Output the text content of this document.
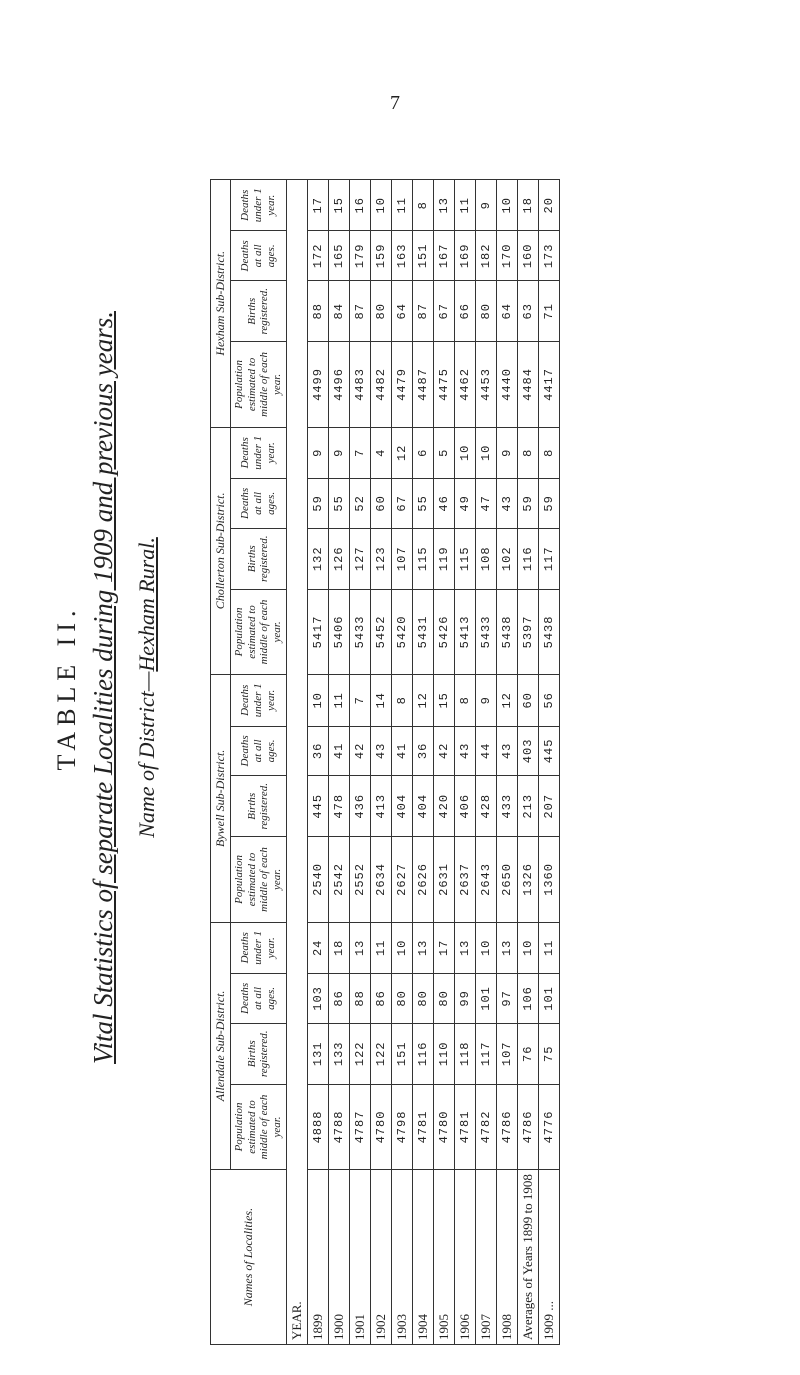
7
TABLE II. Vital Statistics of separate Localities during 1909 and previous years. Name of District—Hexham Rural.
Names of Localities.	Allendale Sub-District.				Bywell Sub-District.				Chollerton Sub-District.				Hexham Sub-District.			
	Population estimated to middle of each year.	Births registered.	Deaths at all ages.	Deaths under 1 year.	Population estimated to middle of each year.	Births registered.	Deaths at all ages.	Deaths under 1 year.	Population estimated to middle of each year.	Births registered.	Deaths at all ages.	Deaths under 1 year.	Population estimated to middle of each year.	Births registered.	Deaths at all ages.	Deaths under 1 year.
YEAR.																
1899	4888	131	103	24	2540	445	36	10	5417	132	59	9	4499	88	172	17
1900	4788	133	86	18	2542	478	41	11	5406	126	55	9	4496	84	165	15
1901	4787	122	88	13	2552	436	42	7	5433	127	52	7	4483	87	179	16
1902	4780	122	86	11	2634	413	43	14	5452	123	60	4	4482	80	159	10
1903	4798	151	80	10	2627	404	41	8	5420	107	67	12	4479	64	163	11
1904	4781	116	80	13	2626	404	36	12	5431	115	55	6	4487	87	151	8
1905	4780	110	80	17	2631	420	42	15	5426	119	46	5	4475	67	167	13
1906	4781	118	99	13	2637	406	43	8	5413	115	49	10	4462	66	169	11
1907	4782	117	101	10	2643	428	44	9	5433	108	47	10	4453	80	182	9
1908	4786	107	97	13	2650	433	43	12	5438	102	43	9	4440	64	170	10
Averages of Years 1899 to 1908	4786	76	106	10	1326	213	403	60	5397	116	59	8	4484	63	160	18
1909 ...	4776	75	101	11	1360	207	445	56	5438	117	59	8	4417	71	173	20
